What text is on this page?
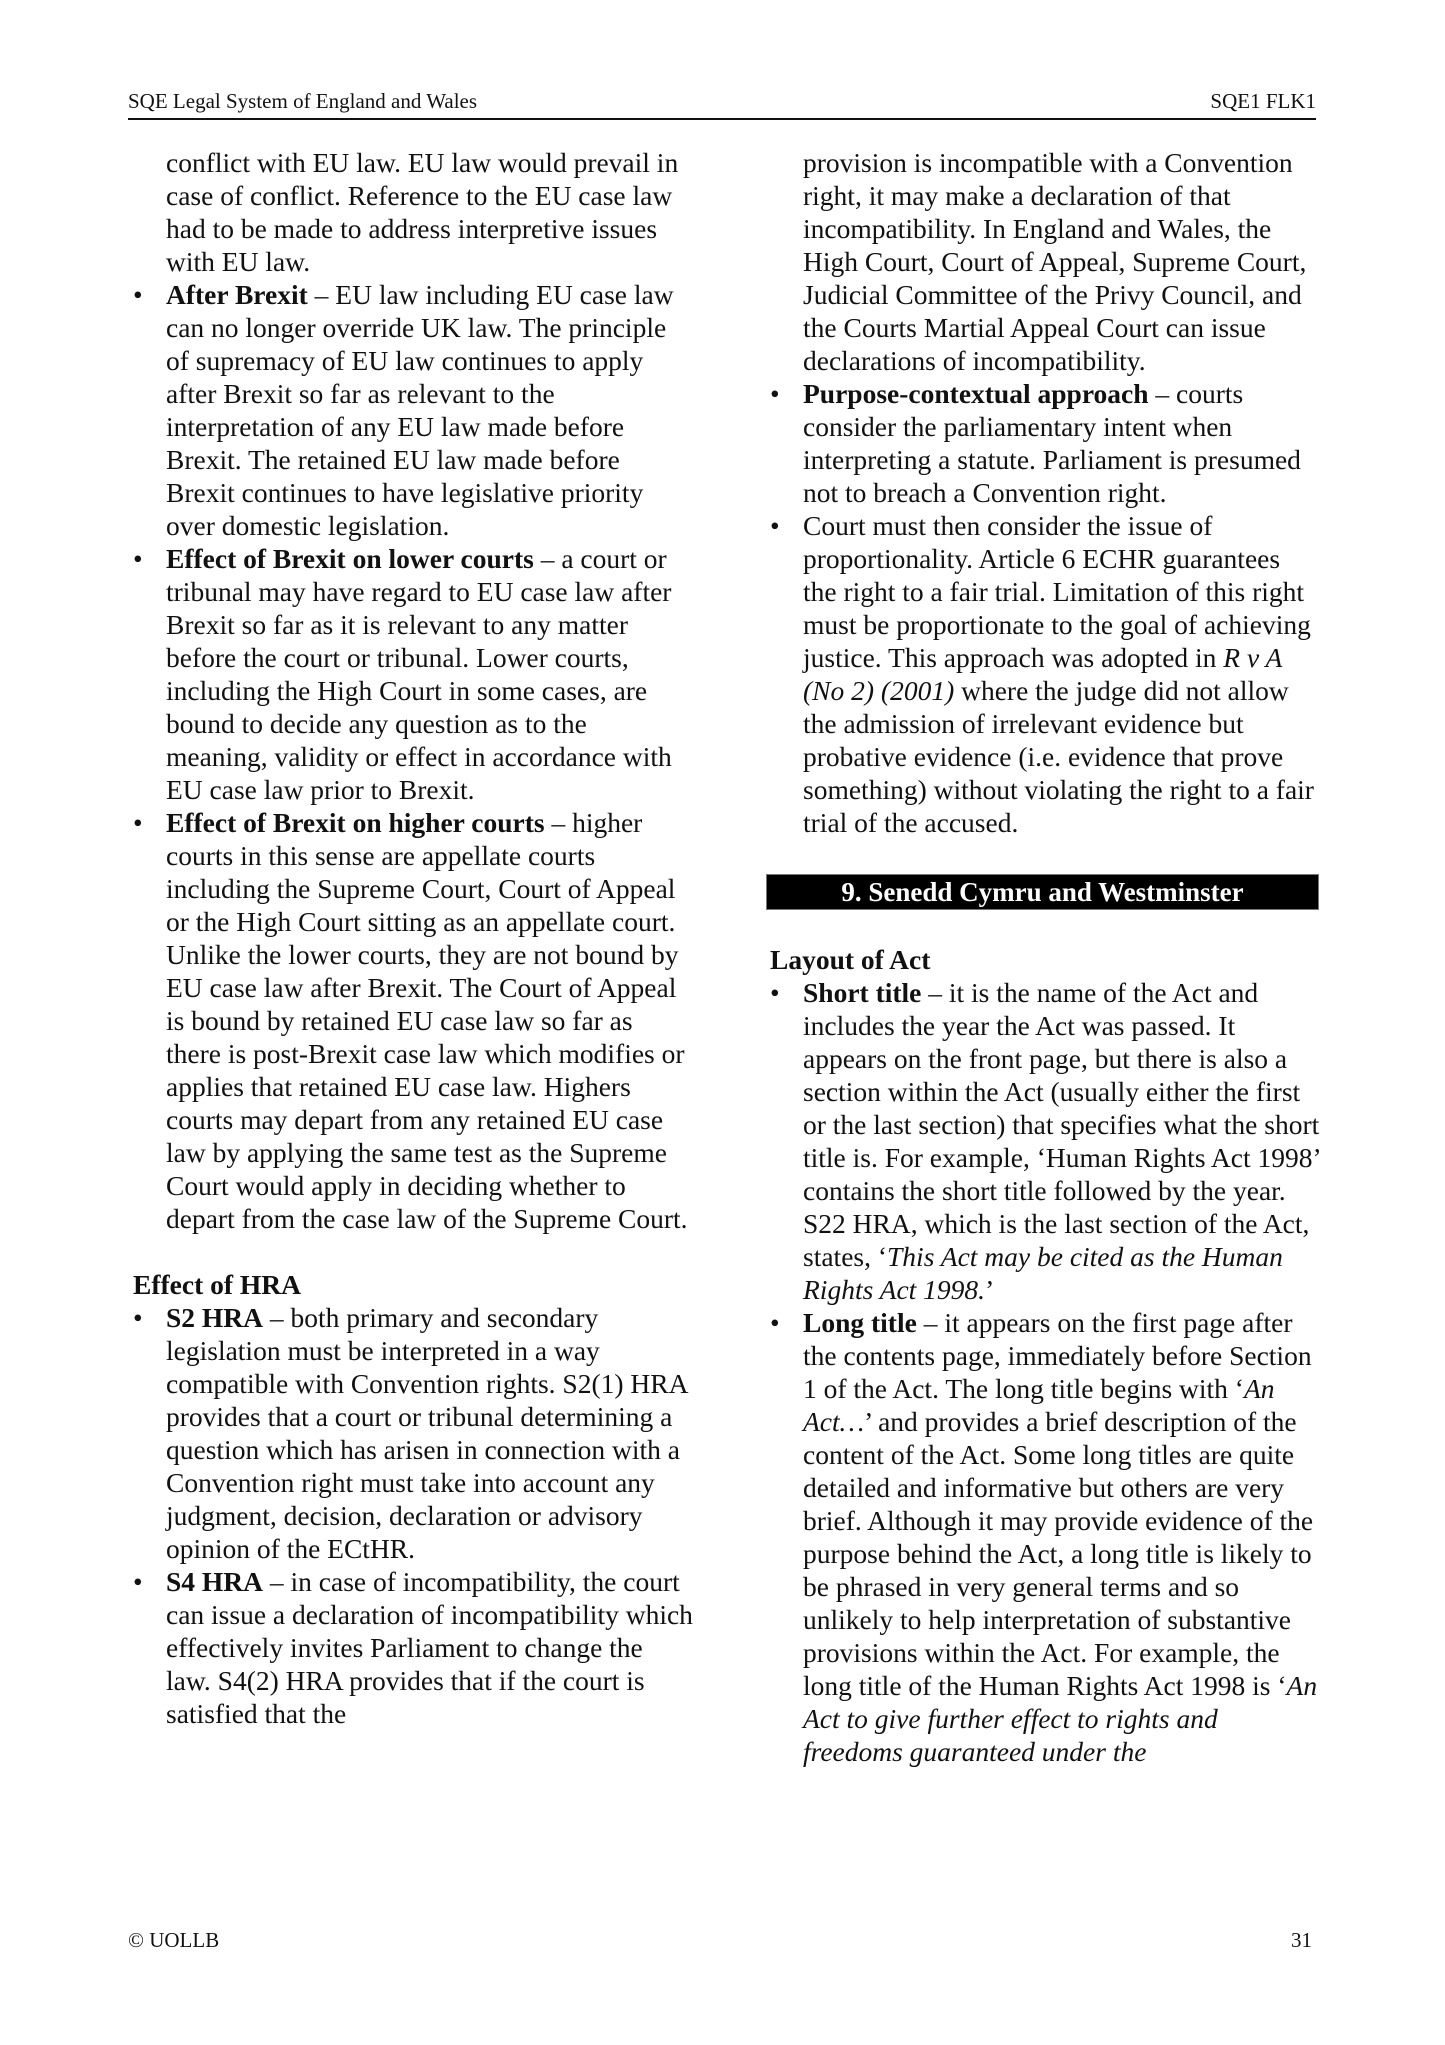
SQE Legal System of England and Wales	SQE1 FLK1

conflict with EU law. EU law would prevail in case of conflict. Reference to the EU case law had to be made to address interpretive issues with EU law.

• After Brexit – EU law including EU case law can no longer override UK law. The principle of supremacy of EU law continues to apply after Brexit so far as relevant to the interpretation of any EU law made before Brexit. The retained EU law made before Brexit continues to have legislative priority over domestic legislation.
• Effect of Brexit on lower courts – a court or tribunal may have regard to EU case law after Brexit so far as it is relevant to any matter before the court or tribunal. Lower courts, including the High Court in some cases, are bound to decide any question as to the meaning, validity or effect in accordance with EU case law prior to Brexit.
• Effect of Brexit on higher courts – higher courts in this sense are appellate courts including the Supreme Court, Court of Appeal or the High Court sitting as an appellate court. Unlike the lower courts, they are not bound by EU case law after Brexit. The Court of Appeal is bound by retained EU case law so far as there is post-Brexit case law which modifies or applies that retained EU case law. Highers courts may depart from any retained EU case law by applying the same test as the Supreme Court would apply in deciding whether to depart from the case law of the Supreme Court.

Effect of HRA

• S2 HRA – both primary and secondary legislation must be interpreted in a way compatible with Convention rights. S2(1) HRA provides that a court or tribunal determining a question which has arisen in connection with a Convention right must take into account any judgment, decision, declaration or advisory opinion of the ECtHR.
• S4 HRA – in case of incompatibility, the court can issue a declaration of incompatibility which effectively invites Parliament to change the law. S4(2) HRA provides that if the court is satisfied that the

provision is incompatible with a Convention right, it may make a declaration of that incompatibility. In England and Wales, the High Court, Court of Appeal, Supreme Court, Judicial Committee of the Privy Council, and the Courts Martial Appeal Court can issue declarations of incompatibility.

• Purpose-contextual approach – courts consider the parliamentary intent when interpreting a statute. Parliament is presumed not to breach a Convention right.
• Court must then consider the issue of proportionality. Article 6 ECHR guarantees the right to a fair trial. Limitation of this right must be proportionate to the goal of achieving justice. This approach was adopted in R v A (No 2) (2001) where the judge did not allow the admission of irrelevant evidence but probative evidence (i.e. evidence that prove something) without violating the right to a fair trial of the accused.
9. Senedd Cymru and Westminster

Layout of Act

• Short title – it is the name of the Act and includes the year the Act was passed. It appears on the front page, but there is also a section within the Act (usually either the first or the last section) that specifies what the short title is. For example, ‘Human Rights Act 1998’ contains the short title followed by the year. S22 HRA, which is the last section of the Act, states, ‘This Act may be cited as the Human Rights Act 1998.’
• Long title – it appears on the first page after the contents page, immediately before Section 1 of the Act. The long title begins with ‘An Act…’ and provides a brief description of the content of the Act. Some long titles are quite detailed and informative but others are very brief. Although it may provide evidence of the purpose behind the Act, a long title is likely to be phrased in very general terms and so unlikely to help interpretation of substantive provisions within the Act. For example, the long title of the Human Rights Act 1998 is ‘An Act to give further effect to rights and freedoms guaranteed under the
© UOLLB	31
